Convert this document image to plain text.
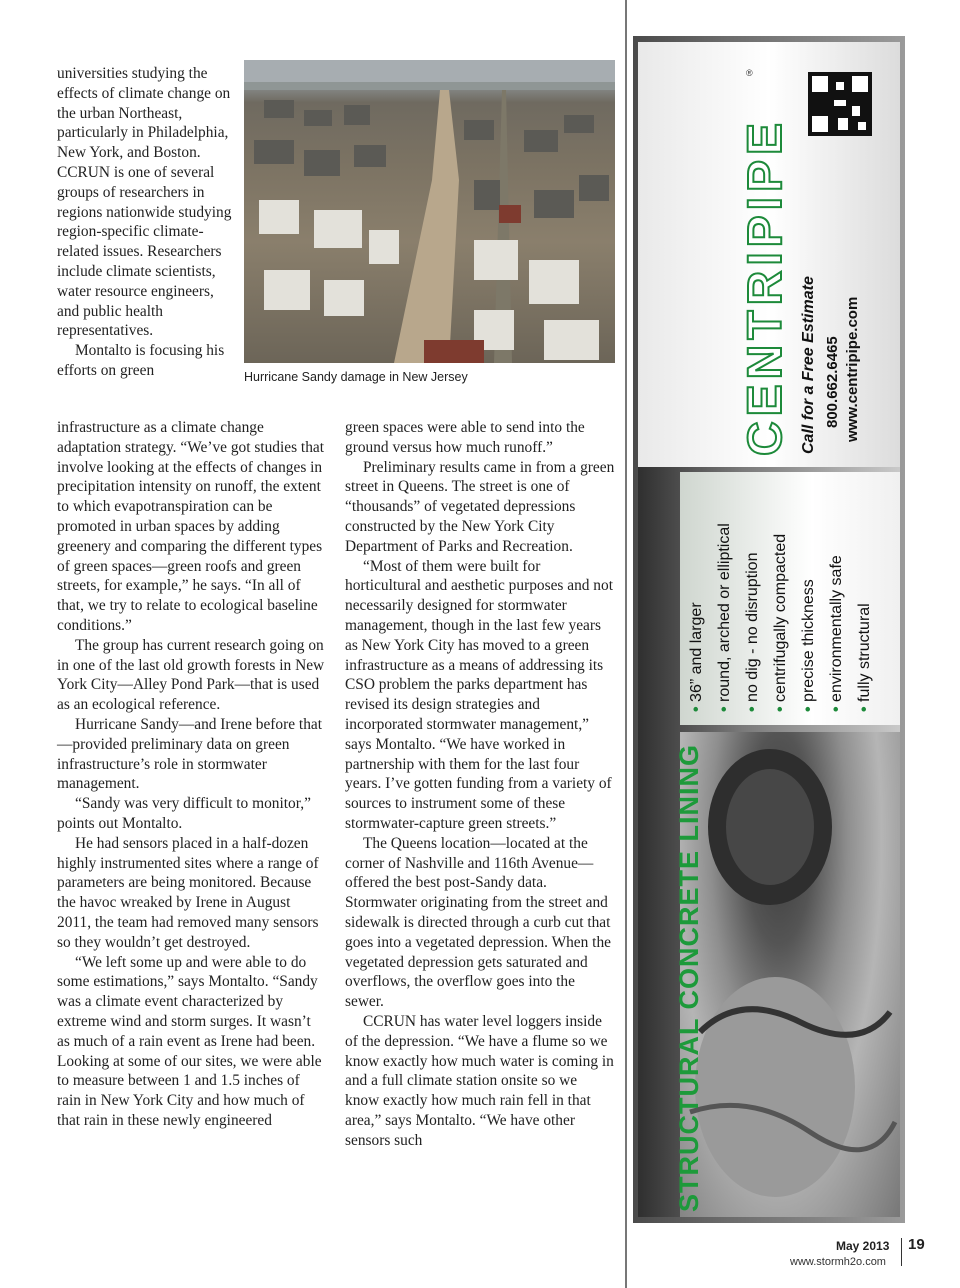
universities studying the effects of climate change on the urban Northeast, particularly in Philadelphia, New York, and Boston. CCRUN is one of several groups of researchers in regions nationwide studying region-specific climate-related issues. Researchers include climate scientists, water resource engineers, and public health representatives.

Montalto is focusing his efforts on green	Hurricane Sandy damage in New Jersey

infrastructure as a climate change adaptation strategy. “We’ve got studies that involve looking at the effects of changes in precipitation intensity on runoff, the extent to which evapotranspiration can be promoted in urban spaces by adding greenery and comparing the different types of green spaces—green roofs and green streets, for example,” he says. “In all of that, we try to relate to ecological baseline conditions.”

The group has current research going on in one of the last old growth forests in New York City—Alley Pond Park—that is used as an ecological reference.

Hurricane Sandy—and Irene before that—provided preliminary data on green infrastructure’s role in stormwater management.

“Sandy was very difficult to monitor,” points out Montalto.

He had sensors placed in a half-dozen highly instrumented sites where a range of parameters are being monitored. Because the havoc wreaked by Irene in August 2011, the team had removed many sensors so they wouldn’t get destroyed.

“We left some up and were able to do some estimations,” says Montalto. “Sandy was a climate event characterized by extreme wind and storm surges. It wasn’t as much of a rain event as Irene had been. Looking at some of our sites, we were able to measure between 1 and 1.5 inches of rain in New York City and how much of that rain in these newly engineered

green spaces were able to send into the ground versus how much runoff.”

Preliminary results came in from a green street in Queens. The street is one of “thousands” of vegetated depressions constructed by the New York City Department of Parks and Recreation.

“Most of them were built for horticultural and aesthetic purposes and not necessarily designed for stormwater management, though in the last few years as New York City has moved to a green infrastructure as a means of addressing its CSO problem the parks department has revised its design strategies and incorporated stormwater management,” says Montalto. “We have worked in partnership with them for the last four years. I’ve gotten funding from a variety of sources to instrument some of these stormwater-capture green streets.”

The Queens location—located at the corner of Nashville and 116th Avenue—offered the best post-Sandy data. Stormwater originating from the street and sidewalk is directed through a curb cut that goes into a vegetated depression. When the vegetated depression gets saturated and overflows, the overflow goes into the sewer.

CCRUN has water level loggers inside of the depression. “We have a flume so we know exactly how much water is coming in and a full climate station onsite so we know exactly how much rain fell in that area,” says Montalto. “We have other sensors such

CENTRIPIPE
®
Call for a Free Estimate 800.662.6465 www.centripipe.com
• 36” and larger
• round, arched or elliptical
• no dig - no disruption
• centrifugally compacted
• precise thickness
• environmentally safe
• fully structural
STRUCTURAL CONCRETE LINING
May 2013 19
www.stormh2o.com
